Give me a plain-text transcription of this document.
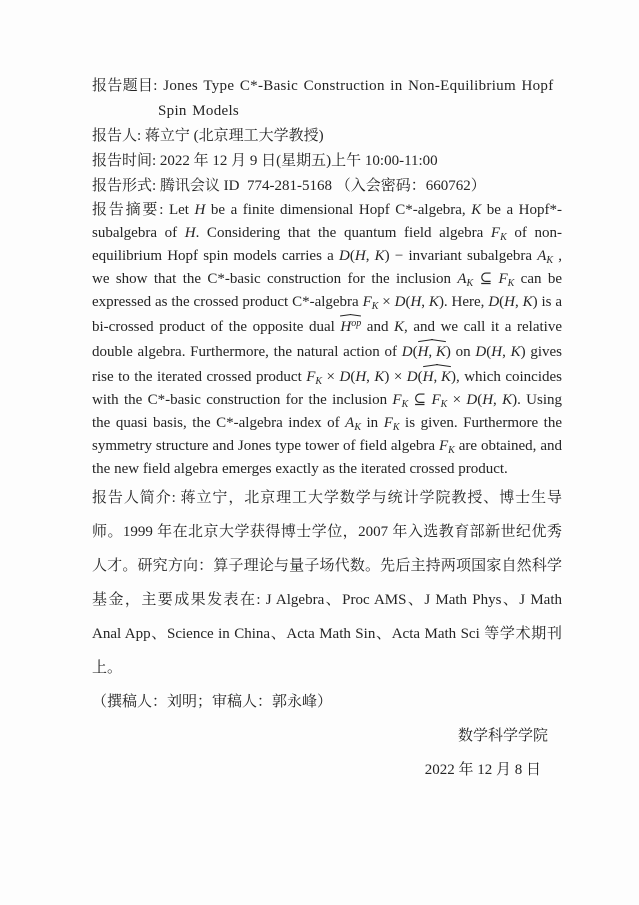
报告题目: Jones Type C*-Basic Construction in Non-Equilibrium Hopf
Spin Models

报告人: 蒋立宁 (北京理工大学教授)

报告时间: 2022 年 12 月 9 日(星期五)上午 10:00-11:00

报告形式: 腾讯会议 ID  774-281-5168 （入会密码：660762）

报告摘要: Let H be a finite dimensional Hopf C*-algebra, K be a Hopf*-subalgebra of H. Considering that the quantum field algebra $F_K$ of non-equilibrium Hopf spin models carries a D(H, K) − invariant subalgebra $A_K$ , we show that the C*-basic construction for the inclusion $A_K$ ⊆ $F_K$ can be expressed as the crossed product C*-algebra $F_K \times D(H$, K). Here, D(H, K) is a bi-crossed product of the opposite dual $H^{op}$ and K, and we call it a relative double algebra. Furthermore, the natural action of D(H, K) on D(H, K) gives rise to the iterated crossed product $F_K \times D(H$, K) × D(H, K), which coincides with the C*-basic construction for the inclusion $F_K$ ⊆ $F_K \times D(H$, K). Using the quasi basis, the C*-algebra index of $A_K$ in $F_K$ is given. Furthermore the symmetry structure and Jones type tower of field algebra $F_K$ are obtained, and the new field algebra emerges exactly as the iterated crossed product.

报告人简介: 蒋立宁，北京理工大学数学与统计学院教授、博士生导师。1999 年在北京大学获得博士学位，2007 年入选教育部新世纪优秀人才。研究方向：算子理论与量子场代数。先后主持两项国家自然科学基金，主要成果发表在: J Algebra、Proc AMS、J Math Phys、J Math Anal App、Science in China、Acta Math Sin、Acta Math Sci 等学术期刊上。

（撰稿人：刘明；审稿人：郭永峰）

数学科学学院

2022 年 12 月 8 日
